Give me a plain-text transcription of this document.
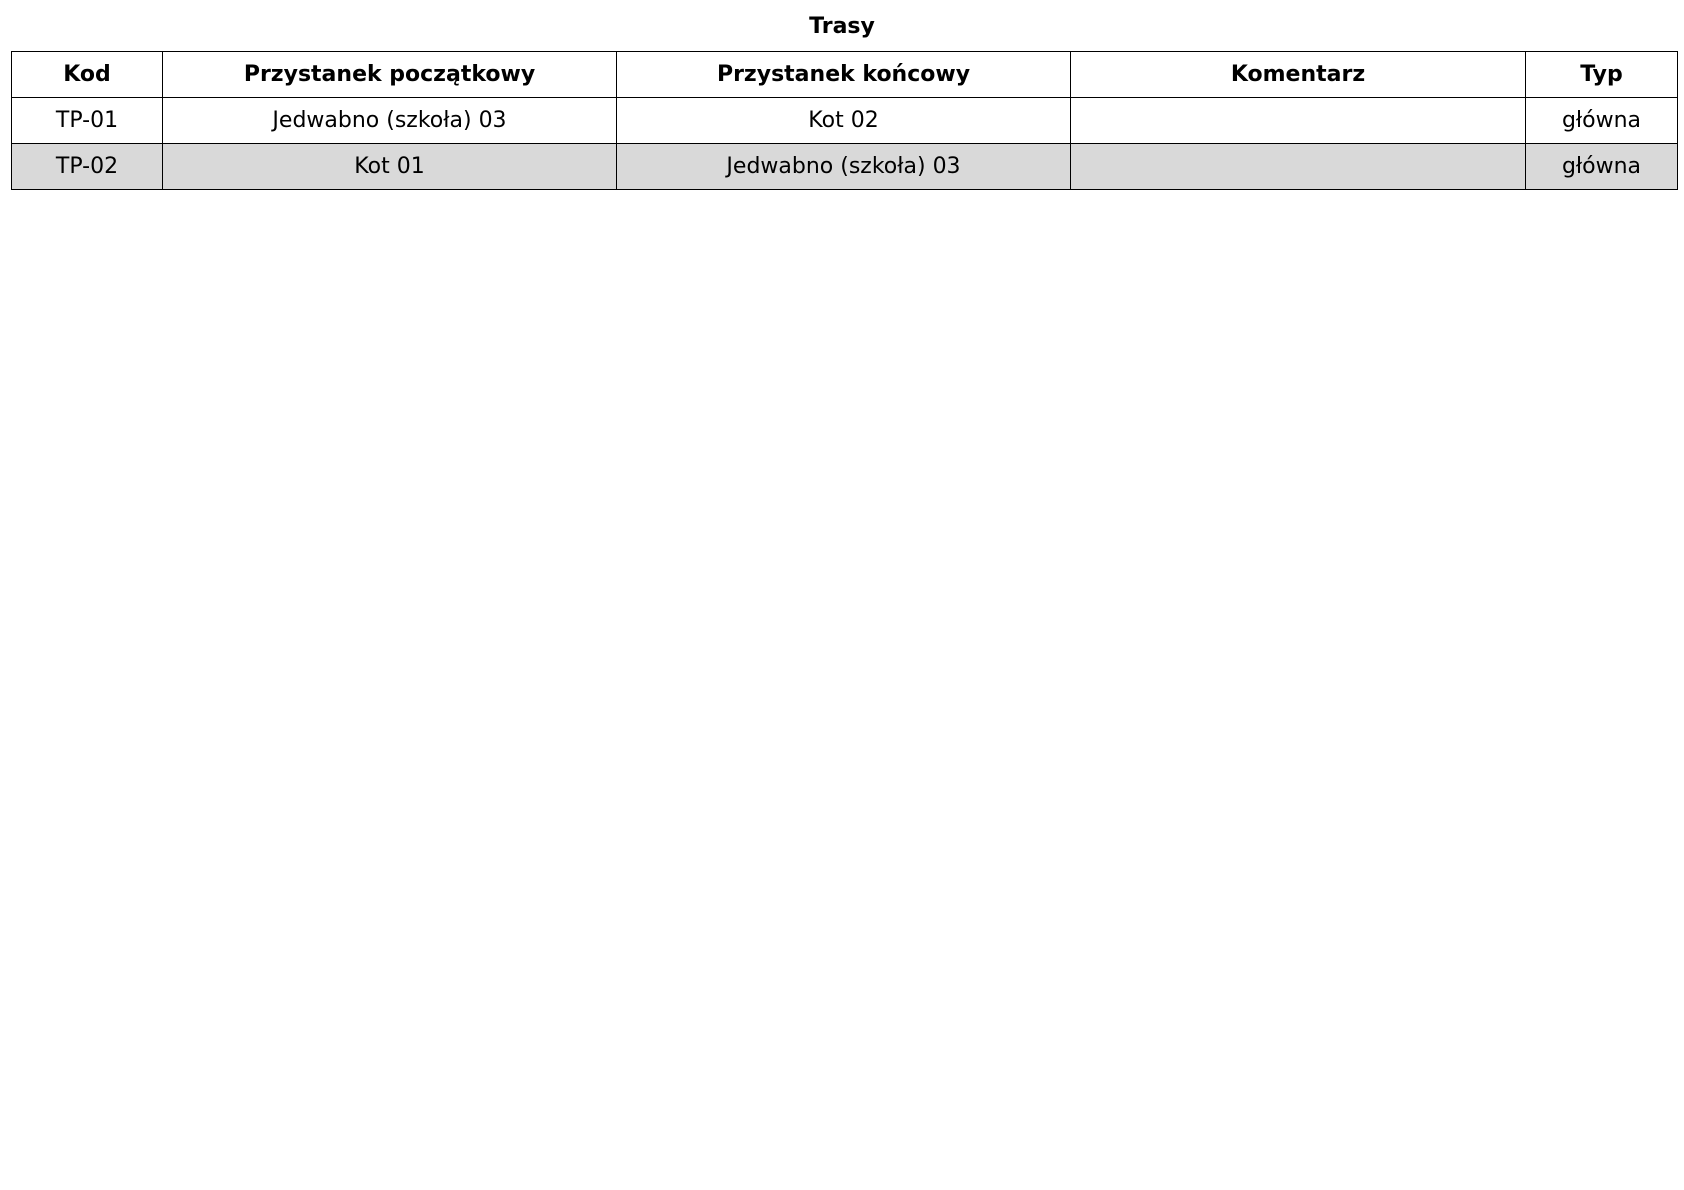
Trasy
Kod	Przystanek początkowy	Przystanek końcowy	Komentarz	Typ
TP-01	Jedwabno (szkoła) 03	Kot 02		główna
TP-02	Kot 01	Jedwabno (szkoła) 03		główna
